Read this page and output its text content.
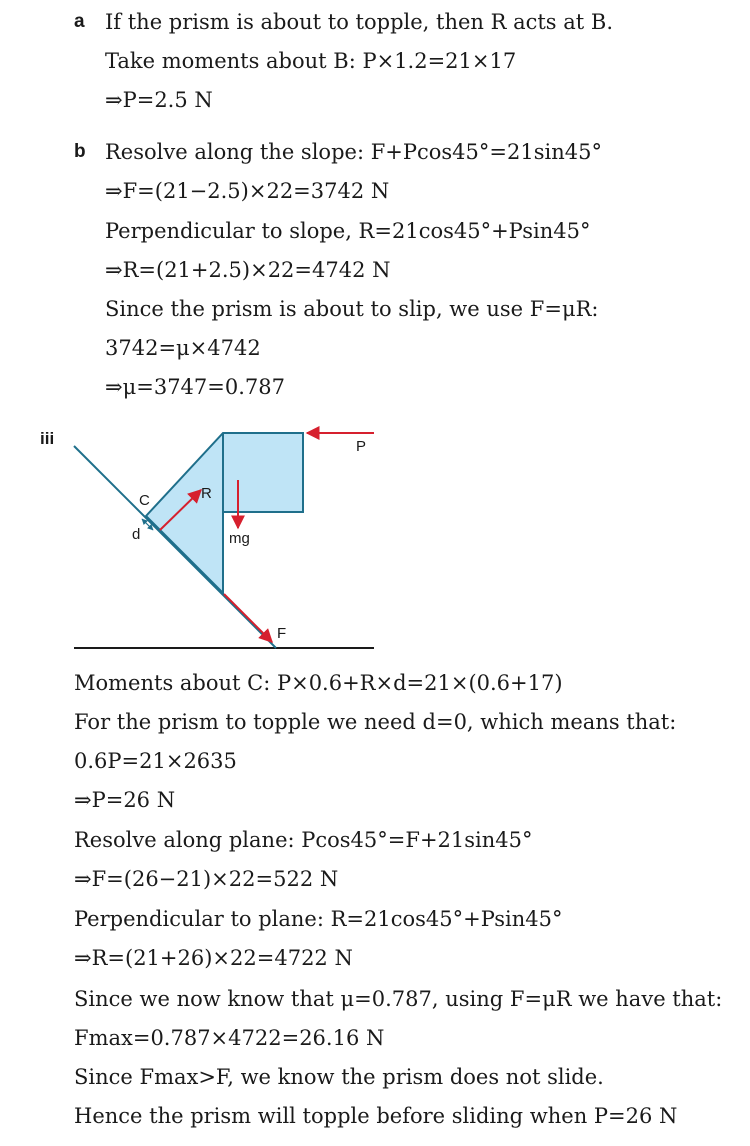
a If the prism is about to topple, then R acts at B.
Take moments about B: P×1.2=21×17
⇒P=2.5 N
b Resolve along the slope: F+Pcos45°=21sin45°
⇒F=(21−2.5)×22=3742 N
Perpendicular to slope, R=21cos45°+Psin45°
⇒R=(21+2.5)×22=4742 N
Since the prism is about to slip, we use F=μR:
3742=μ×4742
⇒μ=3747=0.787
iii	P
R
C
d	mg
F
Moments about C: P×0.6+R×d=21×(0.6+17)
For the prism to topple we need d=0, which means that:
0.6P=21×2635
⇒P=26 N
Resolve along plane: Pcos45°=F+21sin45°
⇒F=(26−21)×22=522 N
Perpendicular to plane: R=21cos45°+Psin45°
⇒R=(21+26)×22=4722 N
Since we now know that μ=0.787, using F=μR we have that:
Fmax=0.787×4722=26.16 N
Since Fmax>F, we know the prism does not slide.
Hence the prism will topple before sliding when P=26 N
